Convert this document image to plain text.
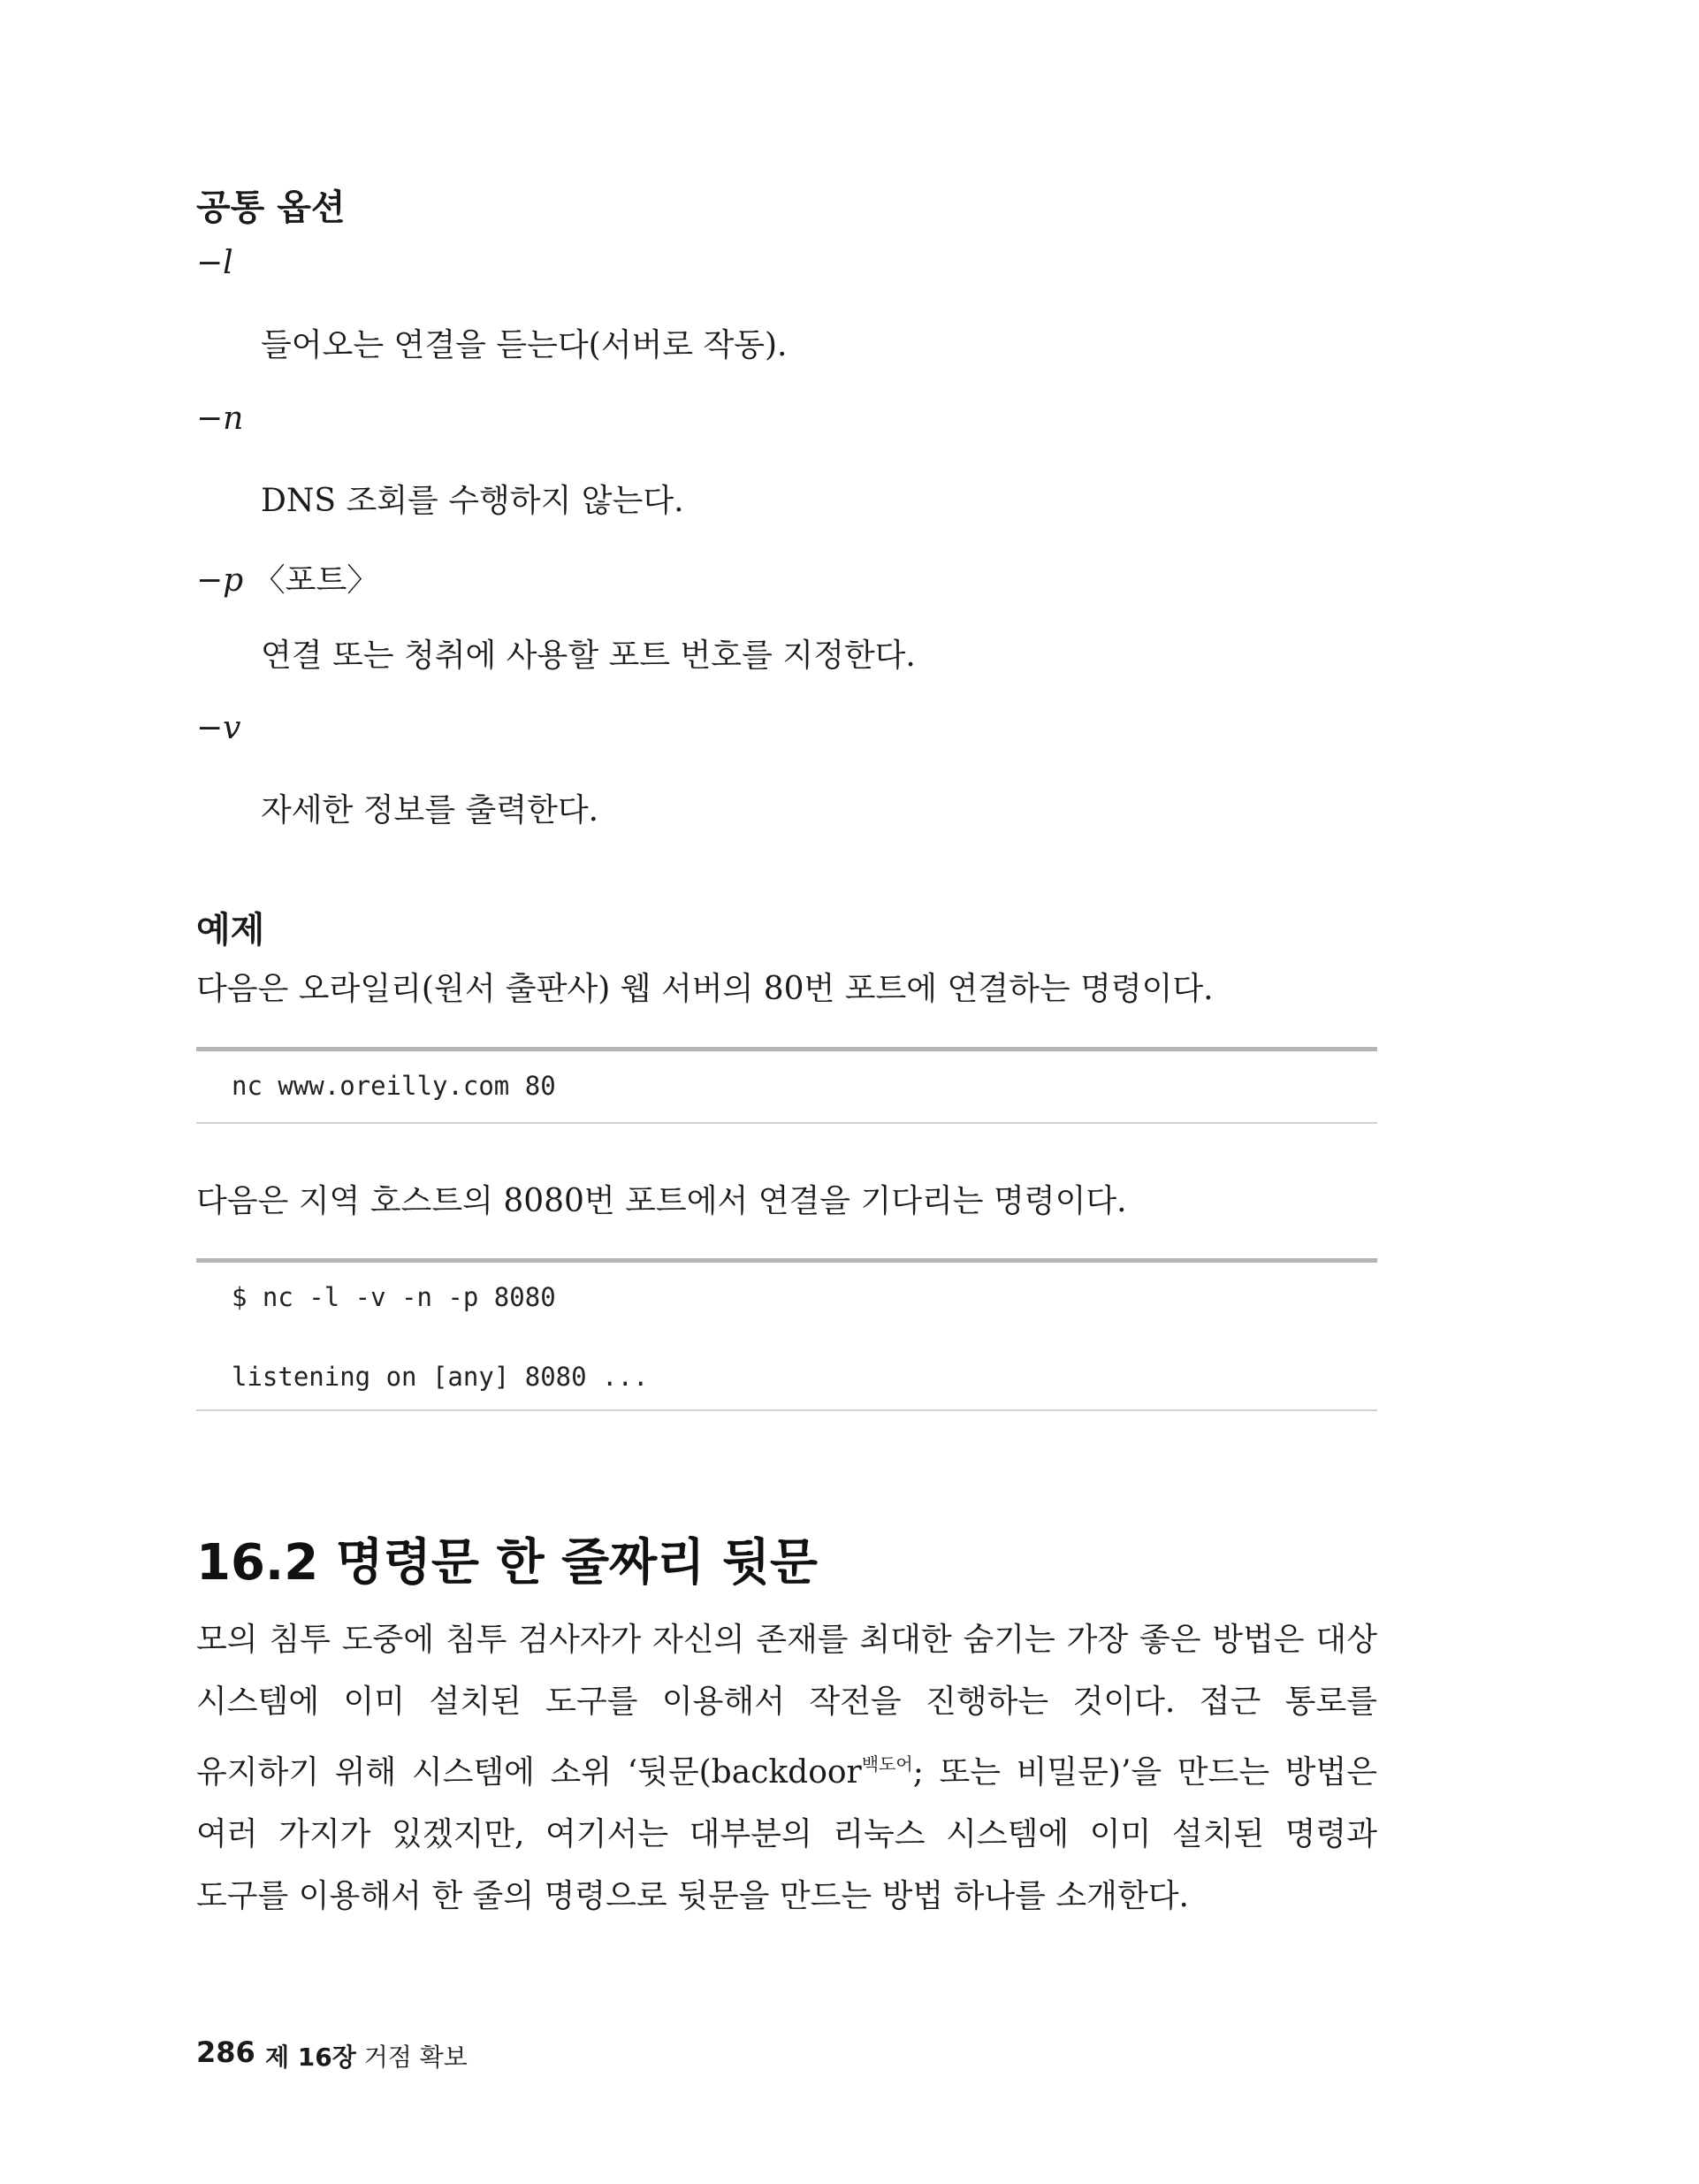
공통 옵션
−l
들어오는 연결을 듣는다(서버로 작동).
−n
DNS 조회를 수행하지 않는다.
−p 〈포트〉
연결 또는 청취에 사용할 포트 번호를 지정한다.
−v
자세한 정보를 출력한다.
예제
다음은 오라일리(원서 출판사) 웹 서버의 80번 포트에 연결하는 명령이다.
nc www.oreilly.com 80
다음은 지역 호스트의 8080번 포트에서 연결을 기다리는 명령이다.
$ nc -l -v -n -p 8080
listening on [any] 8080 ...
16.2 명령문 한 줄짜리 뒷문
모의 침투 도중에 침투 검사자가 자신의 존재를 최대한 숨기는 가장 좋은 방법은 대상 시스템에 이미 설치된 도구를 이용해서 작전을 진행하는 것이다. 접근 통로를 유지하기 위해 시스템에 소위 ‘뒷문(backdoor$^{백도어}$; 또는 비밀문)’을 만드는 방법은 여러 가지가 있겠지만, 여기서는 대부분의 리눅스 시스템에 이미 설치된 명령과 도구를 이용해서 한 줄의 명령으로 뒷문을 만드는 방법 하나를 소개한다.
286 제 16장 거점 확보
